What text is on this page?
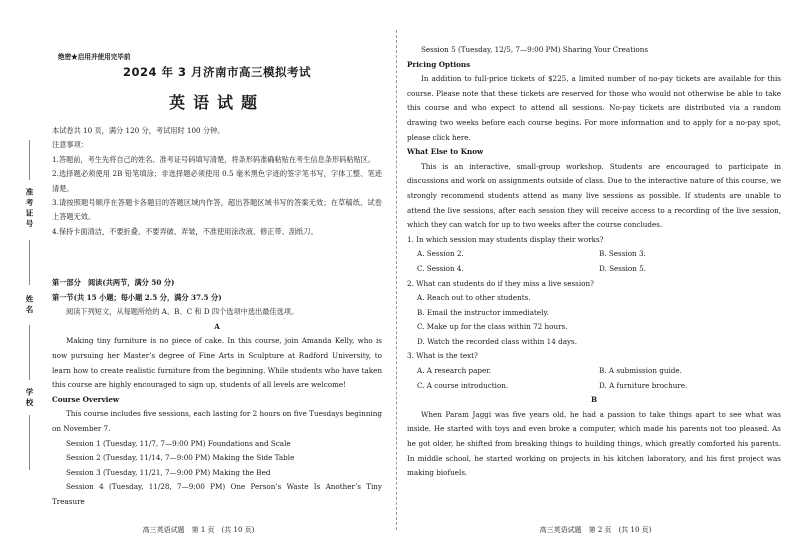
准考证号
姓名
学校
绝密★启用并使用完毕前
2024 年 3 月济南市高三模拟考试
英语试题

本试卷共 10 页，满分 120 分，考试用时 100 分钟。

注意事项：

1.答题前，考生先将自己的姓名、准考证号码填写清楚，将条形码准确粘贴在考生信息条形码粘贴区。

2.选择题必须使用 2B 铅笔填涂；非选择题必须使用 0.5 毫米黑色字迹的签字笔书写，字体工整、笔迹清楚。

3.请按照题号顺序在答题卡各题目的答题区域内作答，超出答题区域书写的答案无效；在草稿纸、试卷上答题无效。

4.保持卡面清洁，不要折叠、不要弄破、弄皱，不准使用涂改液、修正带、刮纸刀。

第一部分　阅读(共两节，满分 50 分)

第一节(共 15 小题；每小题 2.5 分，满分 37.5 分)

阅读下列短文，从每题所给的 A、B、C 和 D 四个选项中选出最佳选项。

A

Making tiny furniture is no piece of cake. In this course, join Amanda Kelly, who is now pursuing her Master’s degree of Fine Arts in Sculpture at Radford University, to learn how to create realistic furniture from the beginning. While students who have taken this course are highly encouraged to sign up, students of all levels are welcome!

Course Overview

This course includes five sessions, each lasting for 2 hours on five Tuesdays beginning on November 7.

Session 1 (Tuesday, 11/7, 7—9:00 PM) Foundations and Scale

Session 2 (Tuesday, 11/14, 7—9:00 PM) Making the Side Table

Session 3 (Tuesday, 11/21, 7—9:00 PM) Making the Bed

Session 4 (Tuesday, 11/28, 7—9:00 PM) One Person’s Waste Is Another’s Tiny Treasure

高三英语试题　第 1 页　(共 10 页)

Session 5 (Tuesday, 12/5, 7—9:00 PM) Sharing Your Creations

Pricing Options

In addition to full-price tickets of $225, a limited number of no-pay tickets are available for this course. Please note that these tickets are reserved for those who would not otherwise be able to take this course and who expect to attend all sessions. No-pay tickets are distributed via a random drawing two weeks before each course begins. For more information and to apply for a no-pay spot, please click here.

What Else to Know

This is an interactive, small-group workshop. Students are encouraged to participate in discussions and work on assignments outside of class. Due to the interactive nature of this course, we strongly recommend students attend as many live sessions as possible. If students are unable to attend the live sessions, after each session they will receive access to a recording of the live session, which they can watch for up to two weeks after the course concludes.

1. In which session may students display their works?

A. Session 2.	B. Session 3.
C. Session 4.	D. Session 5.

2. What can students do if they miss a live session?

A. Reach out to other students.

B. Email the instructor immediately.

C. Make up for the class within 72 hours.

D. Watch the recorded class within 14 days.

3. What is the text?

A. A research paper.	B. A submission guide.
C. A course introduction.	D. A furniture brochure.

B

When Param Jaggi was five years old, he had a passion to take things apart to see what was inside. He started with toys and even broke a computer, which made his parents not too pleased. As he got older, he shifted from breaking things to building things, which greatly comforted his parents. In middle school, he started working on projects in his kitchen laboratory, and his first project was making biofuels.

高三英语试题　第 2 页　(共 10 页)
